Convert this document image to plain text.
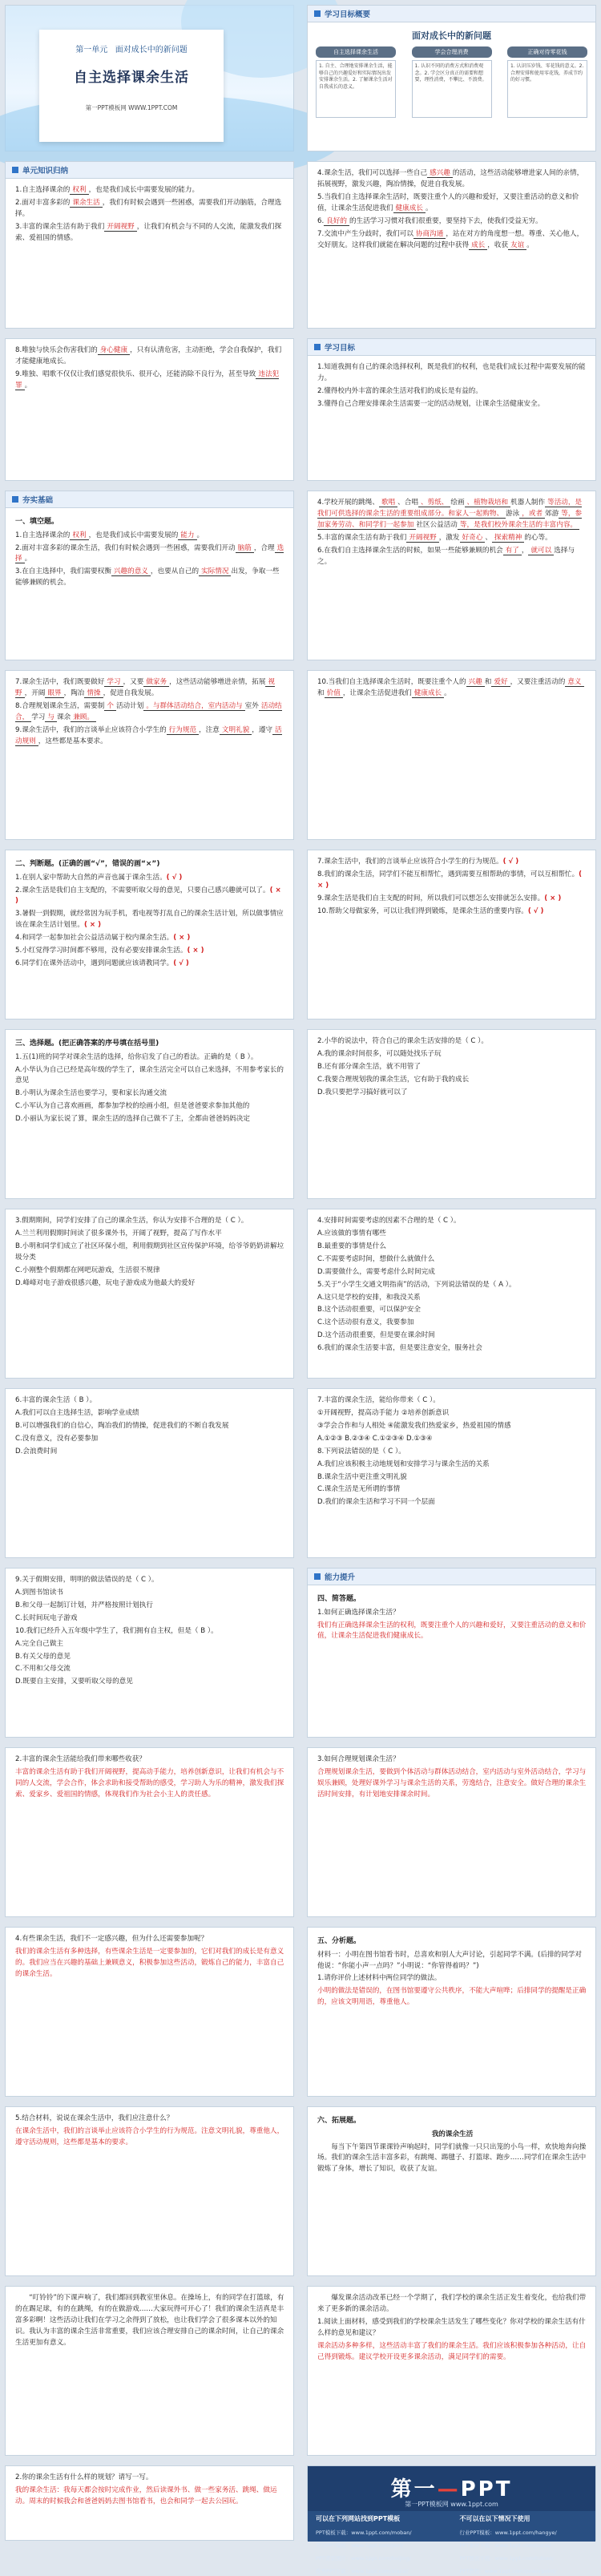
第一单元 面对成长中的新问题
自主选择课余生活
第一PPT模板网 WWW.1PPT.COM
学习目标概要
面对成长中的新问题
自主选择课余生活
1. 自主、合理地安排课余生活，能够自己的兴趣爱好和实际情况出发安排课余生活。2. 了解课余生活对自我成长的意义。
学会合理消费
1. 认识不同的消费方式和消费观念。2. 学会区分真正的需要和想要，理性消费，不攀比、不浪费。
正确对待零花钱
1. 认识压岁钱、零花钱的意义。2. 合理安排和使用零花钱，养成节约的好习惯。
单元知识归纳

1.自主选择课余的 权利 ，也是我们成长中需要发展的能力。

2.面对丰富多彩的 课余生活 ，我们有时候会遇到一些困惑，需要我们开动脑筋，合理选择。

3.丰富的课余生活有助于我们 开阔视野 ，让我们有机会与不同的人交流，能激发我们探索、爱祖国的情感。

4.课余生活，我们可以选择一些自己 感兴趣 的活动，这些活动能够增进家人间的亲情，拓展视野，激发兴趣，陶冶情操，促进自我发展。

5.当我们自主选择课余生活时，既要注重个人的兴趣和爱好，又要注重活动的意义和价值，让课余生活促进我们 健康成长 。

6. 良好的 的生活学习习惯对我们很重要，要坚持下去，使我们受益无穷。

7.交流中产生分歧时，我们可以 协商沟通 ，站在对方的角度想一想。尊重、关心他人，交好朋友。这样我们就能在解决问题的过程中获得 成长 ，收获 友谊 。

8.唯独与快乐会伤害我们的 身心健康 ，只有认清危害，主动拒绝，学会自我保护，我们才能健康地成长。

9.唯独、唱歌不仅仅让我们感觉很快乐、很开心，还能消除不良行为，甚至导致 违法犯罪 。

学习目标

1.知道我拥有自己的课余选择权利，既是我们的权利，也是我们成长过程中需要发展的能力。

2.懂得校内外丰富的课余生活对我们的成长是有益的。

3.懂得自己合理安排课余生活需要一定的活动规划，让课余生活健康安全。

夯实基础
一、填空题。

1.自主选择课余的 权利 ，也是我们成长中需要发展的 能力 。

2.面对丰富多彩的课余生活，我们有时候会遇到一些困惑，需要我们开动 脑筋 ，合理 选择 。

3.在自主选择中，我们需要权衡 兴趣的意义 ，也要从自己的 实际情况 出发，争取一些能够兼顾的机会。

4.学校开展的跳绳、 歌唱 、合唱 、剪纸、 绘画 、植物栽培和 机器人制作 等活动，是我们可供选择的课余生活的重要组成部分。和家人一起购物、 游泳 ，或者 郊游 等，参加家务劳动、和同学们一起参加 社区公益活动 等，是我们校外课余生活的丰富内容。

5.丰富的课余生活有助于我们 开阔视野 ，激发 好奇心 、 探索精神 的心等。

6.在我们自主选择课余生活的时候，如果一些能够兼顾的机会 有了 ， 就可以 选择与之。

7.课余生活中，我们既要做好 学习 ，又要 做家务 ，这些活动能够增进亲情，拓展 视野 ，开阔 眼界 ，陶冶 情操 ，促进自我发展。

8.合理规划课余生活，需要制 个 活动计划 。与群体活动结合，室内活动与 室外 活动结合， 学习 与 课余 兼顾。

9.课余生活中，我们的言谈举止应该符合小学生的 行为规范 ，注意 文明礼貌 ，遵守 活动规则 ，这些都是基本要求。

10.当我们自主选择课余生活时，既要注重个人的 兴趣 和 爱好 ，又要注重活动的 意义和 价值 ，让课余生活促进我们 健康成长 。

二、判断题。(正确的画“√”，错误的画“×”)

1.在别人家中帮助大自然的声音也属于课余生活。( √ )

2.课余生活是我们自主支配的，不需要听取父母的意见，只要自己感兴趣就可以了。( × )

3.暑假一到假期，就经常因为玩手机，看电视等打乱自己的课余生活计划，所以做事情应该在课余生活计划里。( × )

4.和同学一起参加社会公益活动属于校内课余生活。( × )

5.小红觉得学习时间都不够用，没有必要安排课余生活。( × )

6.同学们在课外活动中，遇到问题就应该请教同学。( √ )

7.课余生活中，我们的言谈举止应该符合小学生的行为规范。( √ )

8.我们的课余生活，同学们不能互相帮忙，遇到需要互相帮助的事情，可以互相帮忙。( × )

9.课余生活是我们自主支配的时间，所以我们可以想怎么安排就怎么安排。( × )

10.帮助父母做家务，可以让我们得到锻炼，是课余生活的重要内容。( √ )

三、选择题。(把正确答案的序号填在括号里)

1.五(1)班的同学对课余生活的选择，给你启发了自己的看法。正确的是（ B ）。

A.小华认为自己已经是高年级的学生了，课余生活完全可以自己来选择，不用参考家长的意见

B.小明认为课余生活也要学习，要和家长沟通交流

C.小军认为自己喜欢画画，都参加学校的绘画小组，但是爸爸要求参加其他的

D.小丽认为家长说了算，课余生活的选择自己做不了主，全都由爸爸妈妈决定

2.小华的说法中，符合自己的课余生活安排的是（ C ）。

A.我的课余时间很多，可以随处找乐子玩

B.还有部分课余生活，就不用管了

C.我要合理规划我的课余生活，它有助于我的成长

D.我只要把学习搞好就可以了

3.假期期间，同学们安排了自己的课余生活，你认为安排不合理的是（ C ）。

A.兰兰利用假期时间读了很多课外书，开阔了视野，提高了写作水平

B.小明和同学们成立了社区环保小组，利用假期到社区宣传保护环境，给爷爷奶奶讲解垃圾分类

C.小刚整个假期都在网吧玩游戏，生活很不规律

D.峰峰对电子游戏很感兴趣，玩电子游戏成为他最大的爱好

4.安排时间需要考虑的因素不合理的是（ C ）。

A.应该做的事情有哪些

B.最重要的事情是什么

C.不需要考虑时间，想做什么就做什么

D.需要做什么，需要考虑什么时间完成

5.关于“小学生交通文明指南”的活动，下列说法错误的是（ A ）。

A.这只是学校的安排，和我没关系

B.这个活动很重要，可以保护安全

C.这个活动很有意义，我要参加

D.这个活动很重要，但是要在课余时间

6.我们的课余生活要丰富，但是要注意安全，服务社会

6.丰富的课余生活（ B ）。

A.我们可以自主选择生活，影响学业成绩

B.可以增强我们的自信心，陶冶我们的情操，促进我们的不断自我发展

C.没有意义，没有必要参加

D.会浪费时间

7.丰富的课余生活，能给你带来（ C ）。

①开阔视野，提高动手能力 ②培养创新意识

③学会合作和与人相处 ④能激发我们热爱家乡，热爱祖国的情感

A.①②③ B.②③④ C.①②③④ D.①③④

8.下列说法错误的是（ C ）。

A.我们应该积极主动地规划和安排学习与课余生活的关系

B.课余生活中更注重文明礼貌

C.课余生活是无所谓的事情

D.我们的课余生活和学习不同一个层面

9.关于假期安排，明明的做法错误的是（ C ）。

A.到图书馆读书

B.和父母一起制订计划，并严格按照计划执行

C.长时间玩电子游戏

10.我们已经升入五年级中学生了，我们拥有自主权，但是（ B ）。

A.完全自己做主

B.有关父母的意见

C.不用和父母交流

D.既要自主安排，又要听取父母的意见

能力提升
四、简答题。

1.如何正确选择课余生活？

我们有正确选择课余生活的权利，既要注重个人的兴趣和爱好，又要注重活动的意义和价值，让课余生活促进我们健康成长。

2.丰富的课余生活能给我们带来哪些收获？

丰富的课余生活有助于我们开阔视野，提高动手能力，培养创新意识，让我们有机会与不同的人交流，学会合作，体会求助和接受帮助的感受，学习助人为乐的精神，激发我们探索、爱家乡、爱祖国的情感，体现我们作为社会小主人的责任感。

3.如何合理规划课余生活？

合理规划课余生活，要做到个体活动与群体活动结合，室内活动与室外活动结合，学习与娱乐兼顾，处理好课外学习与课余生活的关系，劳逸结合，注意安全。做好合理的课余生活时间安排，有计划地安排课余时间。

4.有些课余生活，我们不一定感兴趣，但为什么还需要参加呢？

我们的课余生活有多种选择，有些课余生活是一定要参加的，它们对我们的成长是有意义的。我们应当在兴趣的基础上兼顾意义，积极参加这些活动，锻炼自己的能力，丰富自己的课余生活。

五、分析题。

材料一：小明在图书馆看书时，总喜欢和别人大声讨论，引起同学不满。(后排的同学对他说：“你能小声一点吗？”小明说：“你管得着吗？”)

1.请你评价上述材料中两位同学的做法。

小明的做法是错误的，在图书馆要遵守公共秩序，不能大声喧哗；后排同学的提醒是正确的，应该文明用语，尊重他人。

5.结合材料，说说在课余生活中，我们应注意什么？

在课余生活中，我们的言谈举止应该符合小学生的行为规范。注意文明礼貌，尊重他人，遵守活动规则，这些都是基本的要求。

六、拓展题。

我的课余生活

每当下午第四节课课铃声响起时，同学们就像一只只出笼的小鸟一样，欢快地奔向操场。我们的课余生活丰富多彩，有跳绳、踢毽子、打篮球、跑步……同学们在课余生活中锻炼了身体，增长了知识，收获了友谊。

“叮铃铃”的下课声响了，我们都回到教室里休息。在操场上，有的同学在打篮球，有的在踢足球，有的在跳绳，有的在做游戏……大家玩得可开心了！我们的课余生活真是丰富多彩啊！这些活动让我们在学习之余得到了放松，也让我们学会了很多课本以外的知识。我认为丰富的课余生活非常重要，我们应该合理安排自己的课余时间，让自己的课余生活更加有意义。

爆发课余活动改革已经一个学期了，我们学校的课余生活正发生着变化，也给我们带来了更多新的课余活动。

1.阅读上面材料，感受到我们的学校课余生活发生了哪些变化？你对学校的课余生活有什么样的意见和建议？

课余活动多种多样，这些活动丰富了我们的课余生活。我们应该积极参加各种活动，让自己得到锻炼。建议学校开设更多课余活动，满足同学们的需要。

2.你的课余生活有什么样的规划？请写一写。

我的课余生活：我每天都会按时完成作业，然后读课外书、做一些家务活、跳绳、做运动。周末的时候我会和爸爸妈妈去图书馆看书，也会和同学一起去公园玩。	第一—PPT
第一PPT模板网 www.1ppt.com
可以在下列网站找到PPT模板

PPT模板下载：www.1ppt.com/moban/

节日PPT模板：www.1ppt.com/jieri/

PPT背景图片：www.1ppt.com/beijing/

优秀PPT下载：www.1ppt.com/xiazai/

不可以在以下情况下使用

行业PPT模板：www.1ppt.com/hangye/

PPT素材下载：www.1ppt.com/sucai/

PPT图表下载：www.1ppt.com/tubiao/

PPT教程：www.1ppt.com/powerpoint/
